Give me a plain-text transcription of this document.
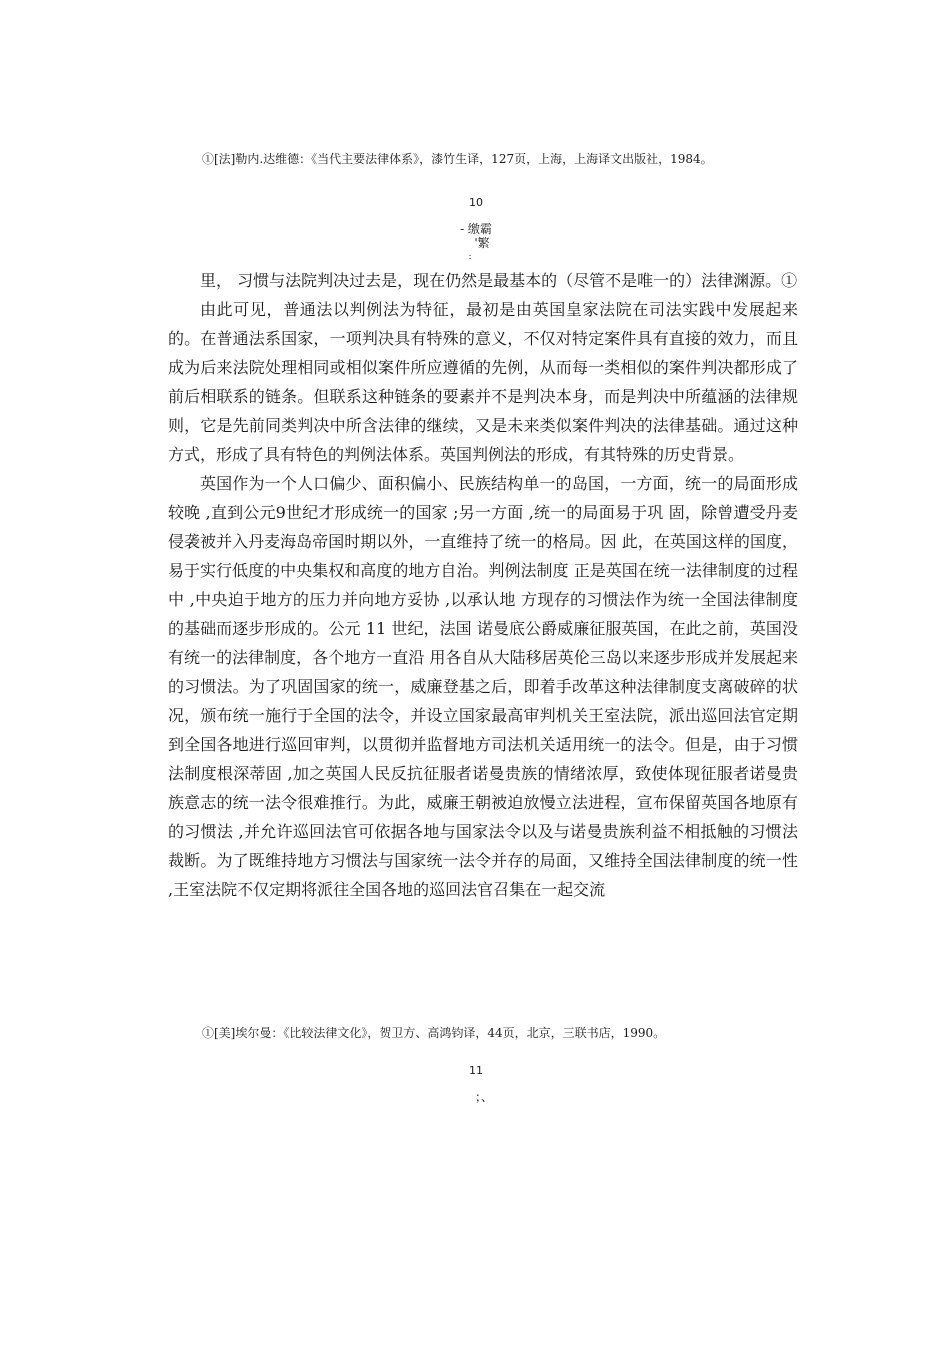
①[法]勒内.达维德：《当代主要法律体系》，漆竹生译，127页，上海，上海译文出版社，1984。
10
- 缴霸
'繁
:

里， 习惯与法院判决过去是，现在仍然是最基本的（尽管不是唯一的）法律渊源。①

由此可见，普通法以判例法为特征，最初是由英国皇家法院在司法实践中发展起来的。在普通法系国家，一项判决具有特殊的意义，不仅对特定案件具有直接的效力，而且成为后来法院处理相同或相似案件所应遵循的先例，从而每一类相似的案件判决都形成了前后相联系的链条。但联系这种链条的要素并不是判决本身，而是判决中所蕴涵的法律规则，它是先前同类判决中所含法律的继续，又是未来类似案件判决的法律基础。通过这种方式，形成了具有特色的判例法体系。英国判例法的形成，有其特殊的历史背景。

英国作为一个人口偏少、面积偏小、民族结构单一的岛国，一方面，统一的局面形成较晚 ,直到公元9世纪才形成统一的国家 ;另一方面 ,统一的局面易于巩 固，除曾遭受丹麦侵袭被并入丹麦海岛帝国时期以外，一直维持了统一的格局。因 此，在英国这样的国度，易于实行低度的中央集权和高度的地方自治。判例法制度 正是英国在统一法律制度的过程中 ,中央迫于地方的压力并向地方妥协 ,以承认地 方现存的习惯法作为统一全国法律制度的基础而逐步形成的。公元 11 世纪，法国 诺曼底公爵威廉征服英国，在此之前，英国没有统一的法律制度，各个地方一直沿 用各自从大陆移居英伦三岛以来逐步形成并发展起来的习惯法。为了巩固国家的统一，威廉登基之后，即着手改革这种法律制度支离破碎的状况，颁布统一施行于全国的法令，并设立国家最高审判机关王室法院，派出巡回法官定期到全国各地进行巡回审判，以贯彻并监督地方司法机关适用统一的法令。但是，由于习惯法制度根深蒂固 ,加之英国人民反抗征服者诺曼贵族的情绪浓厚，致使体现征服者诺曼贵族意志的统一法令很难推行。为此，威廉王朝被迫放慢立法进程，宣布保留英国各地原有的习惯法 ,并允许巡回法官可依据各地与国家法令以及与诺曼贵族利益不相抵触的习惯法裁断。为了既维持地方习惯法与国家统一法令并存的局面，又维持全国法律制度的统一性 ,王室法院不仅定期将派往全国各地的巡回法官召集在一起交流

①[美]埃尔曼：《比较法律文化》，贺卫方、高鸿钧译，44页，北京，三联书店，1990。
11
；、
